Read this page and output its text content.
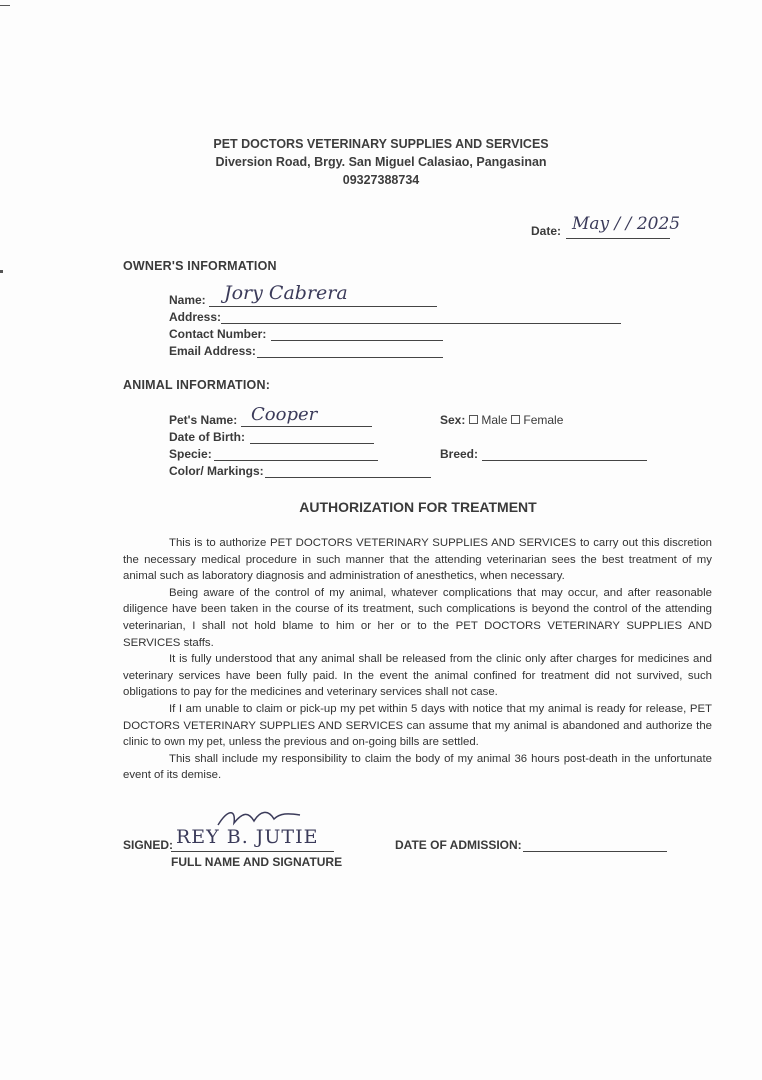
PET DOCTORS VETERINARY SUPPLIES AND SERVICES
Diversion Road, Brgy. San Miguel Calasiao, Pangasinan
09327388734
Date: May / / 2025
OWNER'S INFORMATION
Name: Jory Cabrera
Address:
Contact Number:
Email Address:
ANIMAL INFORMATION:
Pet's Name: Cooper
Date of Birth:
Specie:
Color/ Markings:
Sex: Male Female
Breed:
AUTHORIZATION FOR TREATMENT

This is to authorize PET DOCTORS VETERINARY SUPPLIES AND SERVICES to carry out this discretion the necessary medical procedure in such manner that the attending veterinarian sees the best treatment of my animal such as laboratory diagnosis and administration of anesthetics, when necessary.

Being aware of the control of my animal, whatever complications that may occur, and after reasonable diligence have been taken in the course of its treatment, such complications is beyond the control of the attending veterinarian, I shall not hold blame to him or her or to the PET DOCTORS VETERINARY SUPPLIES AND SERVICES staffs.

It is fully understood that any animal shall be released from the clinic only after charges for medicines and veterinary services have been fully paid. In the event the animal confined for treatment did not survived, such obligations to pay for the medicines and veterinary services shall not case.

If I am unable to claim or pick-up my pet within 5 days with notice that my animal is ready for release, PET DOCTORS VETERINARY SUPPLIES AND SERVICES can assume that my animal is abandoned and authorize the clinic to own my pet, unless the previous and on-going bills are settled.

This shall include my responsibility to claim the body of my animal 36 hours post-death in the unfortunate event of its demise.

SIGNED: REY B. JUTIE
FULL NAME AND SIGNATURE
DATE OF ADMISSION:
